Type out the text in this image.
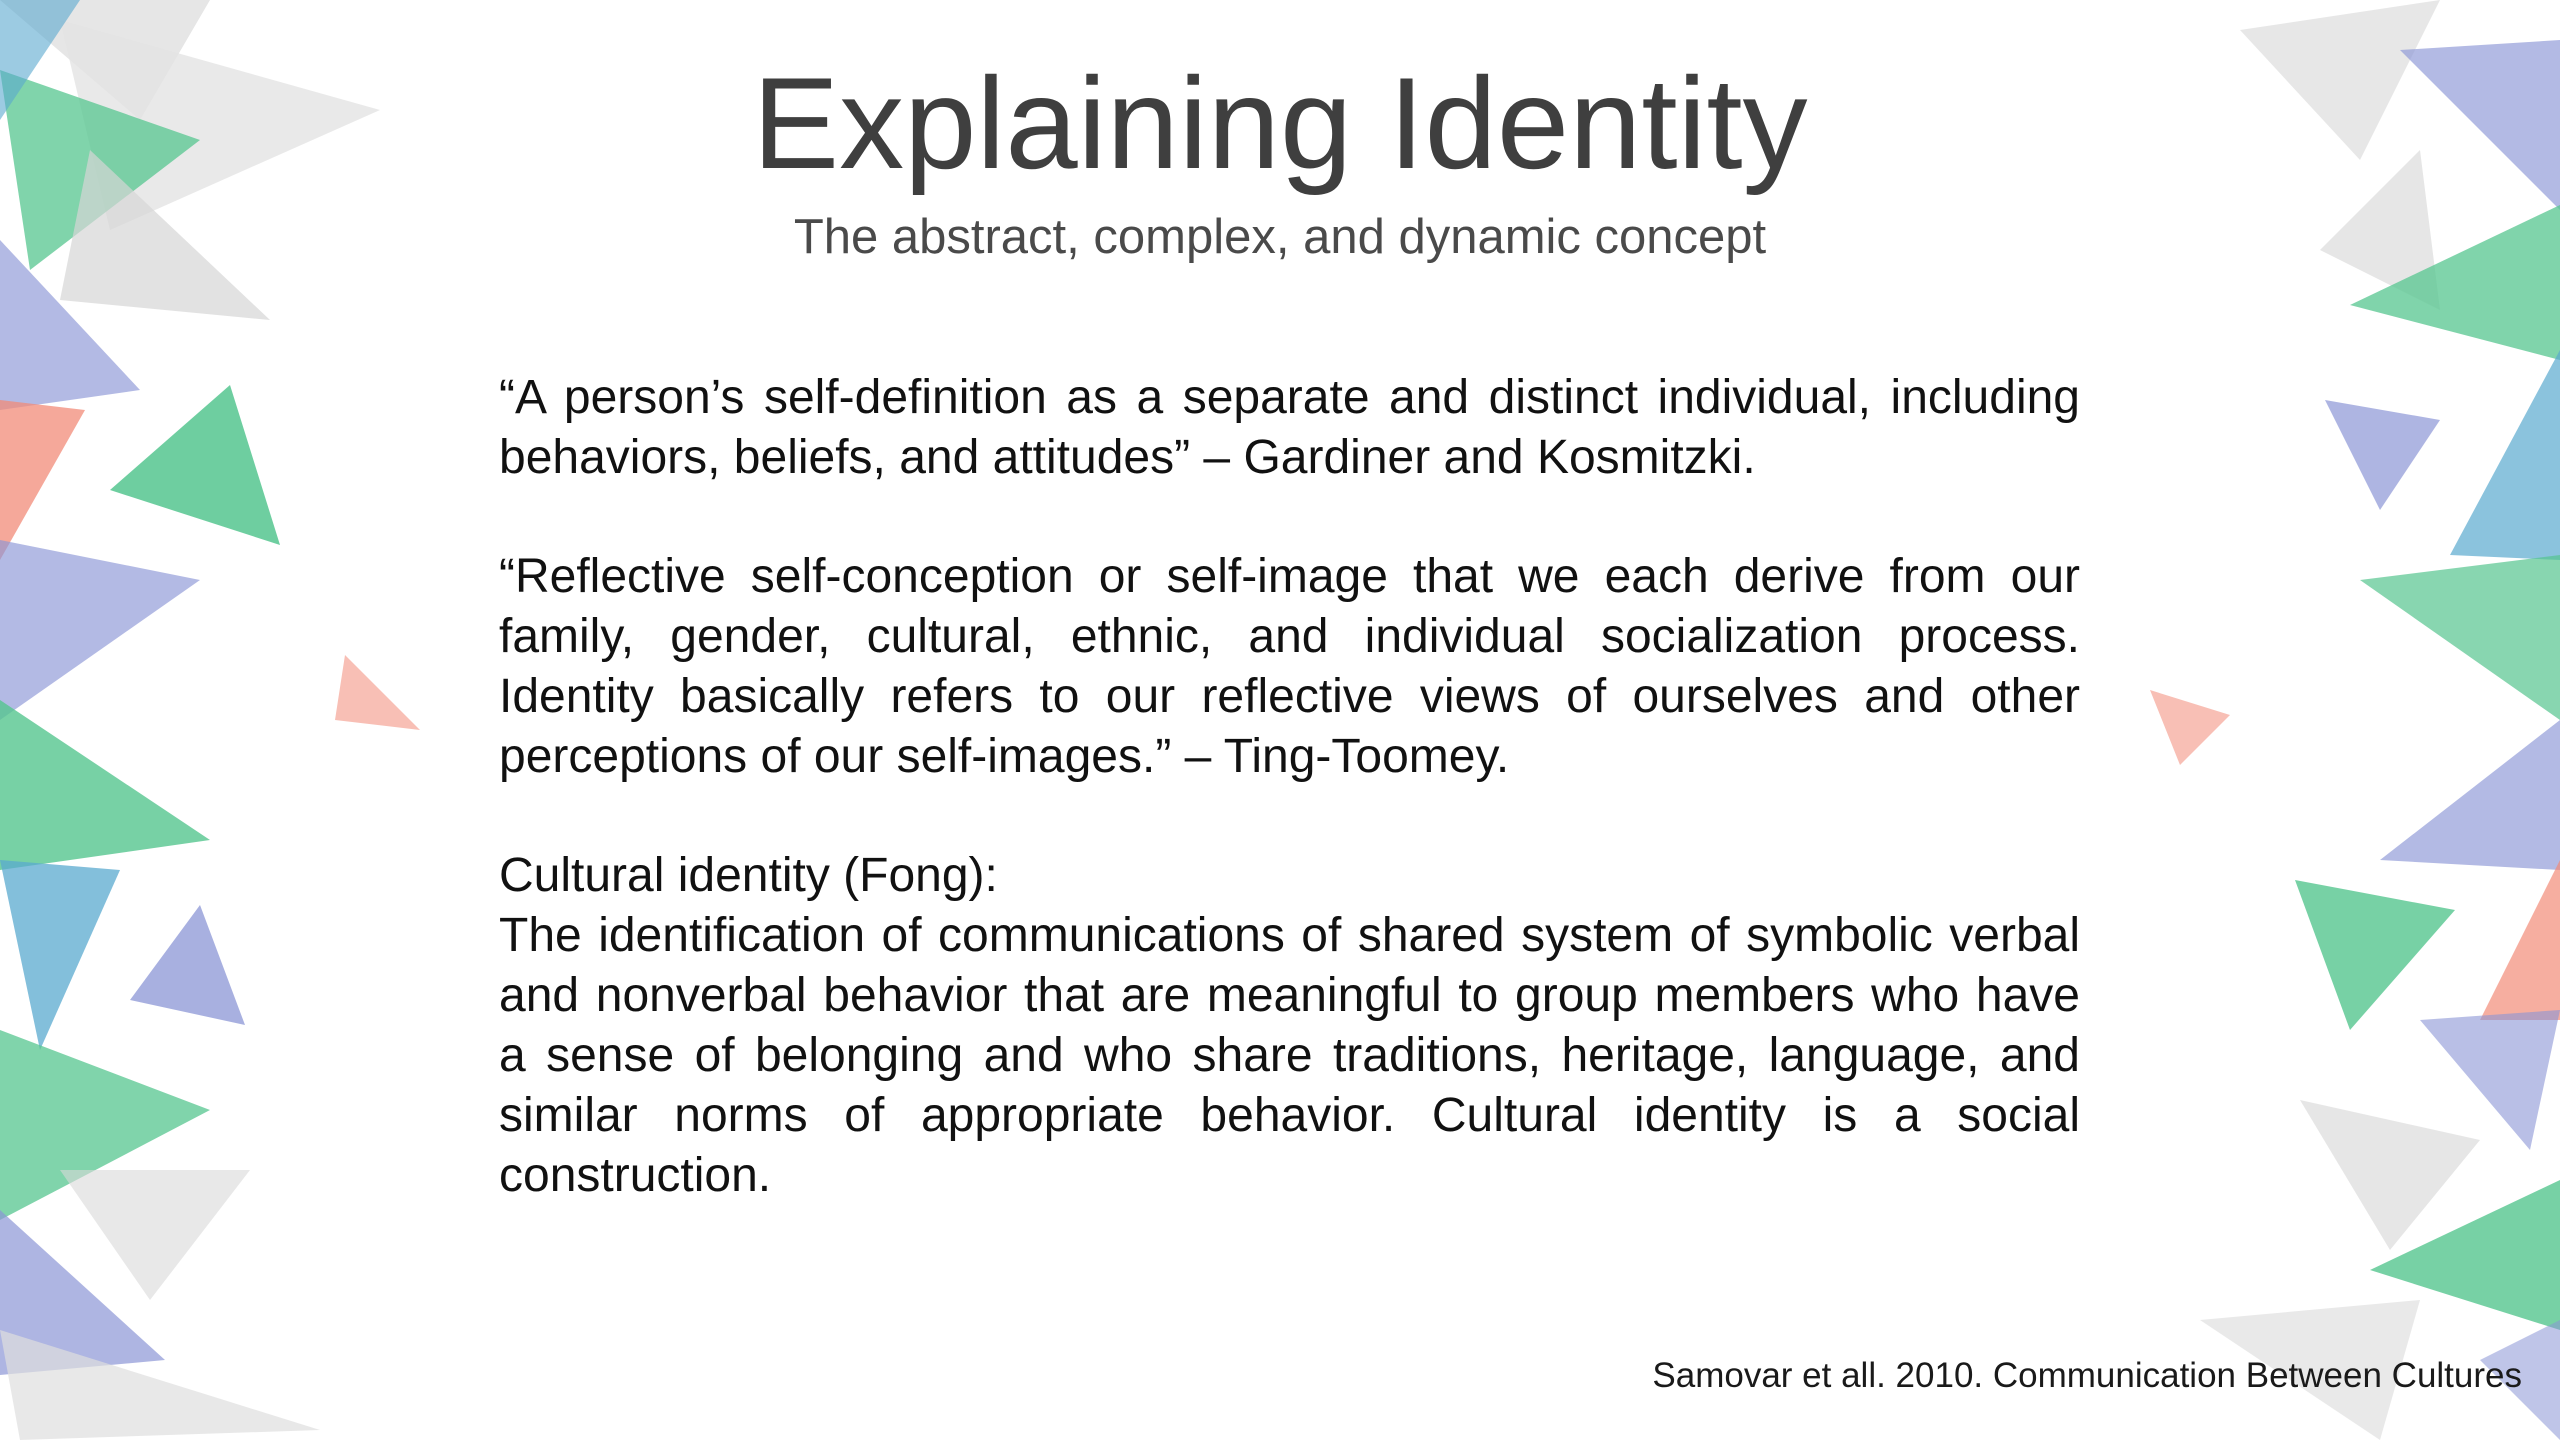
Explaining Identity
The abstract, complex, and dynamic concept

“A person’s self-definition as a separate and distinct individual, including behaviors, beliefs, and attitudes” – Gardiner and Kosmitzki.

“Reflective self-conception or self-image that we each derive from our family, gender, cultural, ethnic, and individual socialization process. Identity basically refers to our reflective views of ourselves and other perceptions of our self-images.” – Ting-Toomey.

Cultural identity (Fong):

The identification of communications of shared system of symbolic verbal and nonverbal behavior that are meaningful to group members who have a sense of belonging and who share traditions, heritage, language, and similar norms of appropriate behavior. Cultural identity is a social construction.

Samovar et all. 2010. Communication Between Cultures
